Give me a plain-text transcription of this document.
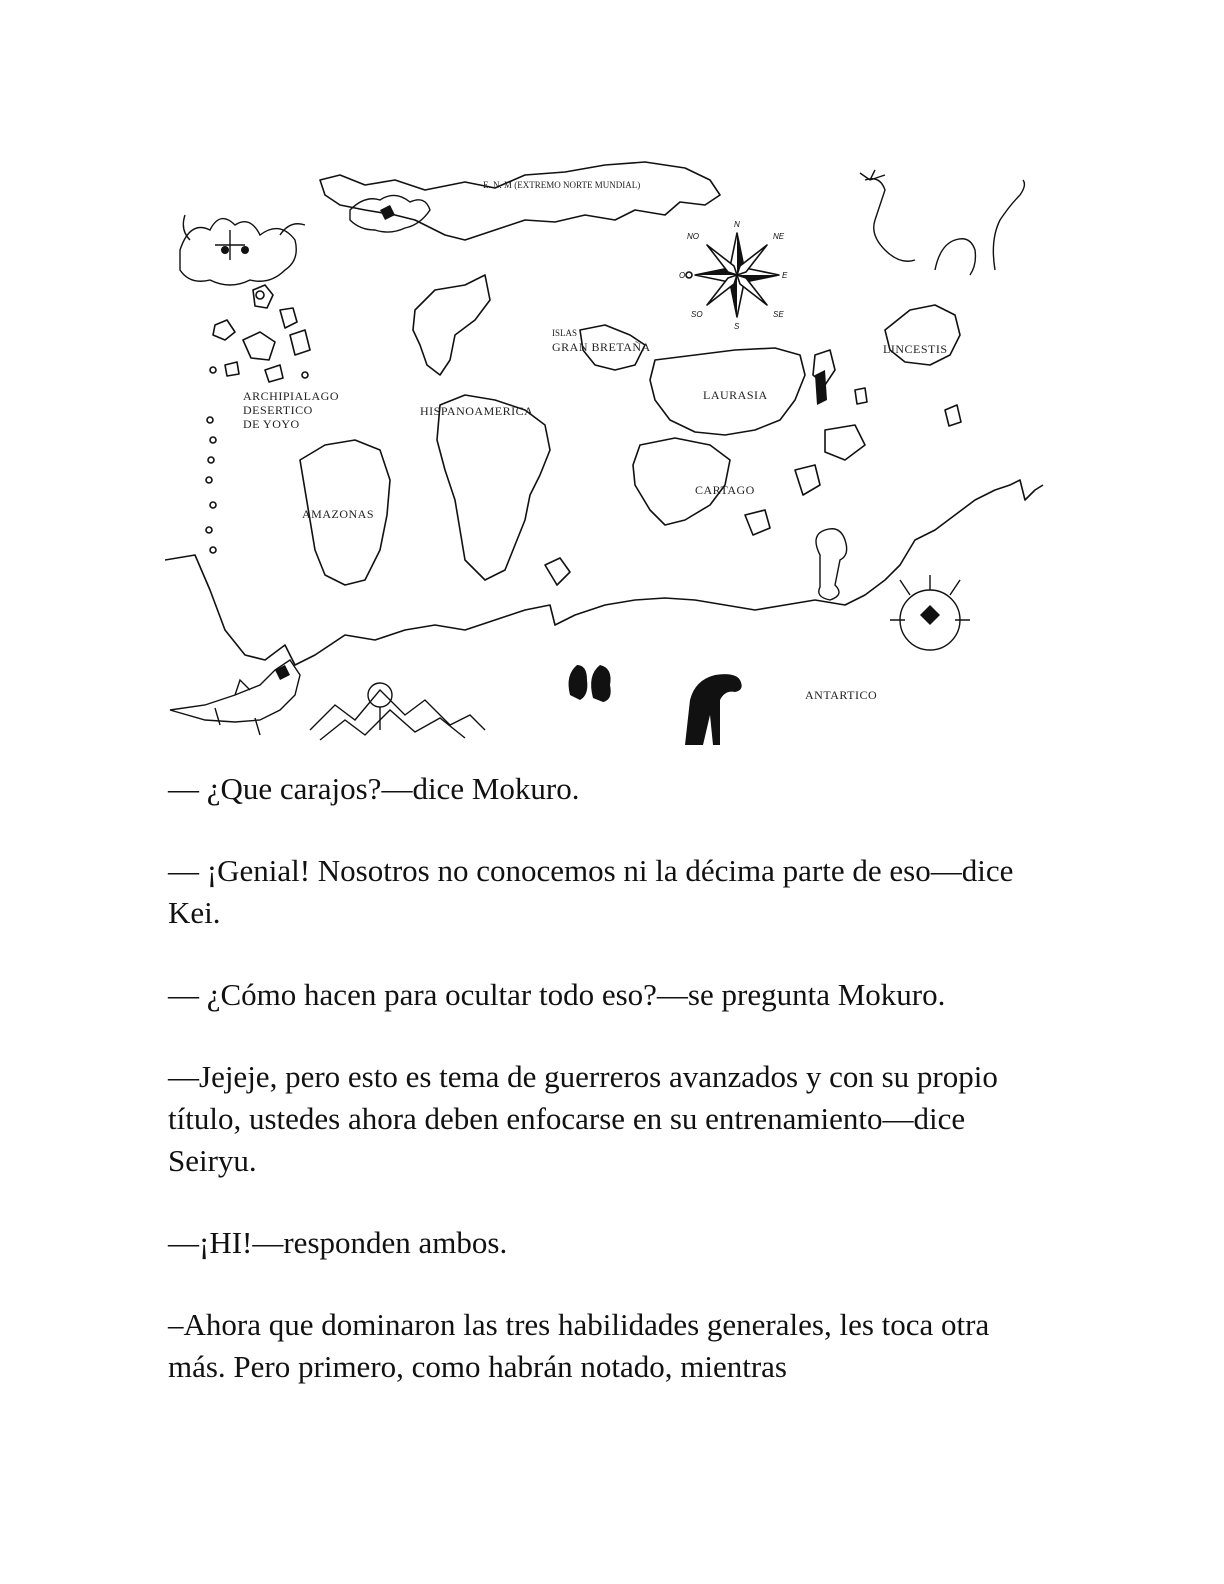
N
NE
E
SE
S
SO
O
NO
E. N. M (EXTREMO NORTE MUNDIAL)
ISLAS
GRAN BRETAÑA	LINCESTIS
ARCHIPIALAGO
DESERTICO
DE YOYO
HISPANOAMERICA
LAURASIA
AMAZONAS
CARTAGO
ANTARTICO

— ¿Que carajos?—dice Mokuro.

— ¡Genial! Nosotros no conocemos ni la décima parte de eso—dice Kei.

— ¿Cómo hacen para ocultar todo eso?—se pregunta Mokuro.

—Jejeje, pero esto es tema de guerreros avanzados y con su propio título, ustedes ahora deben enfocarse en su entrenamiento—dice Seiryu.

—¡HI!—responden ambos.

–Ahora que dominaron las tres habilidades generales, les toca otra más. Pero primero, como habrán notado, mientras
